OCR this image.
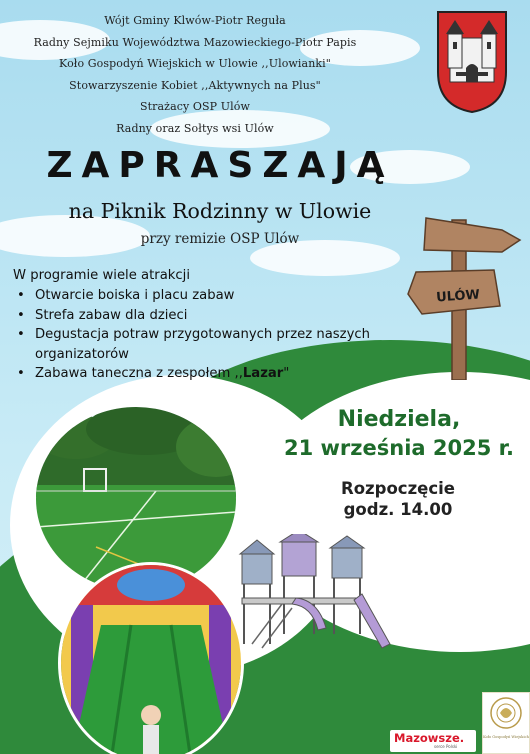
Wójt Gminy Klwów-Piotr Reguła
Radny Sejmiku Województwa Mazowieckiego-Piotr Papis
Koło Gospodyń Wiejskich w Ulowie ,,Ulowianki"
Stowarzyszenie Kobiet ,,Aktywnych na Plus"
Strażacy OSP Ulów
Radny oraz Sołtys wsi Ulów
ZAPRASZAJĄ
na Piknik Rodzinny w Ulowie
przy remizie OSP Ulów
W programie wiele atrakcji
• Otwarcie boiska i placu zabaw
• Strefa zabaw dla dzieci
• Degustacja potraw przygotowanych przez naszych organizatorów
• Zabawa taneczna z zespołem ,,Lazar"
ULÓW
Niedziela,
21 września 2025 r.
Rozpoczęcie
godz. 14.00
Mazowsze.
serce Polski
Koło Gospodyń Wiejskich
